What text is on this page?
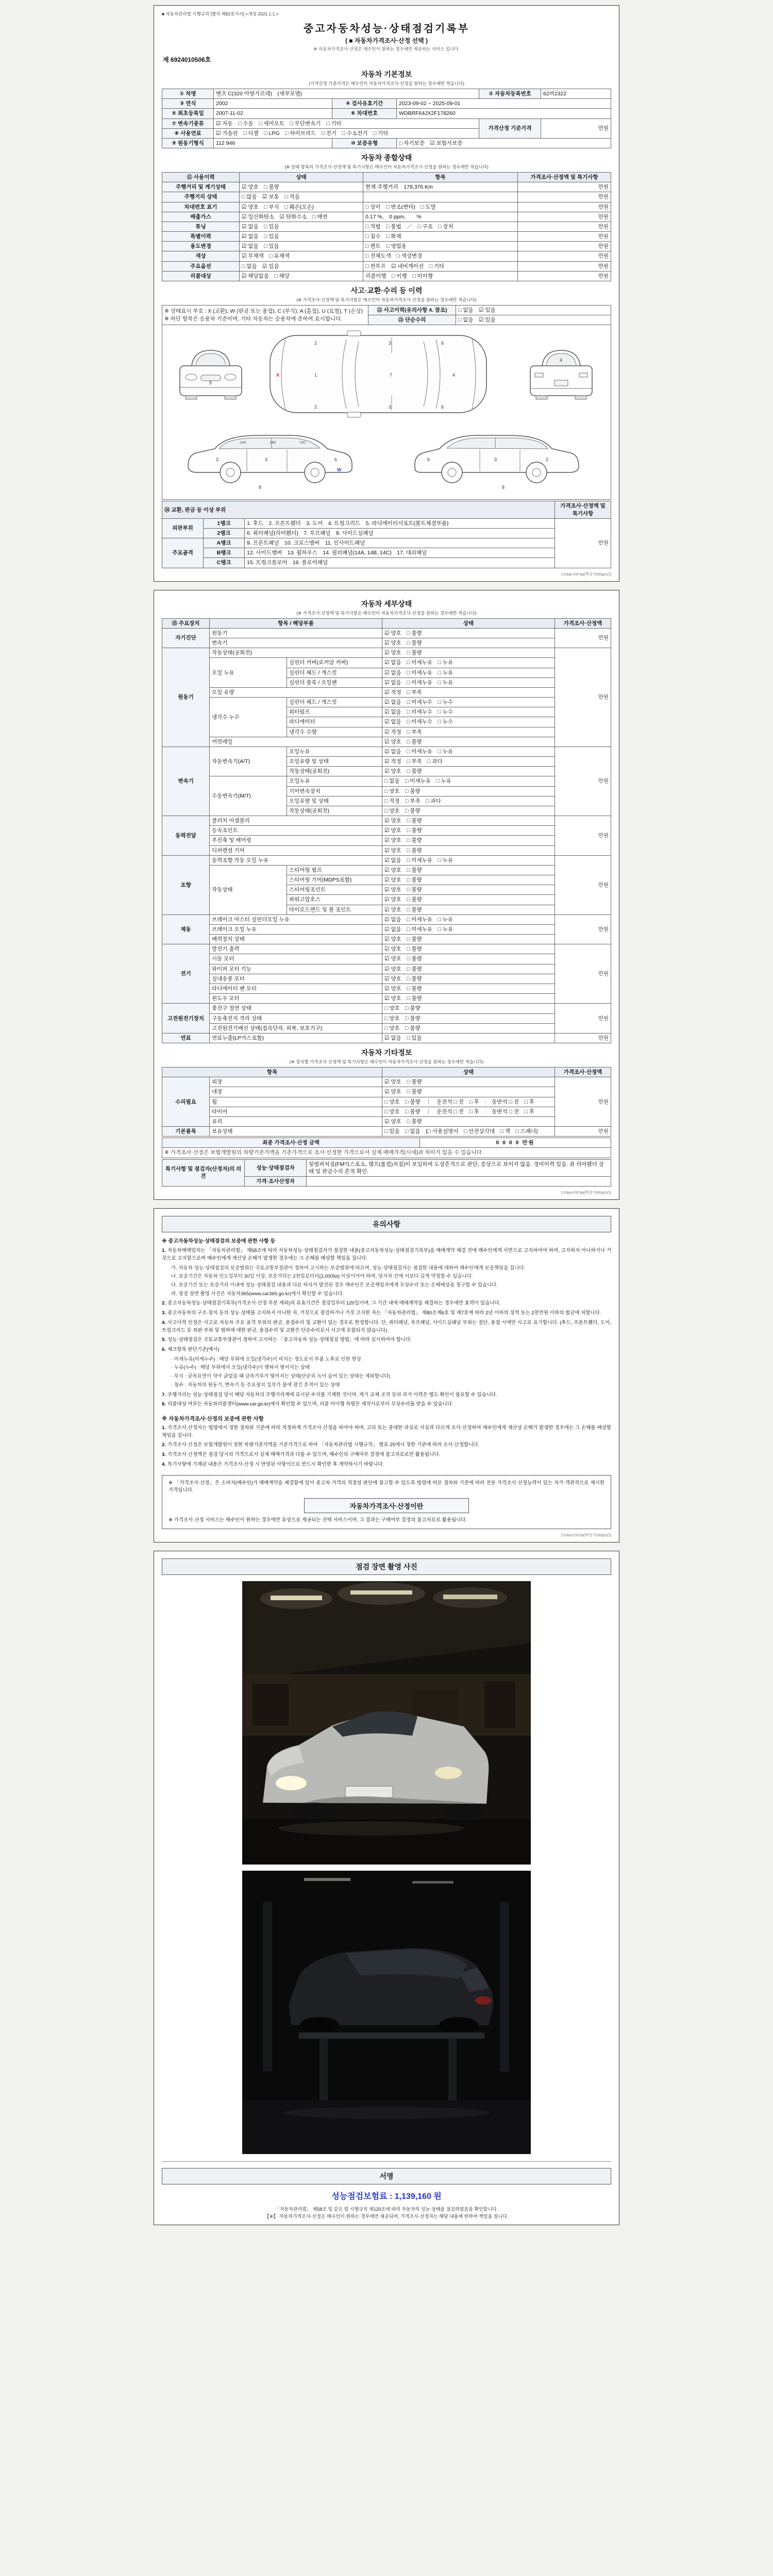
■ 자동차관리법 시행규칙 [별지 제82호서식] <개정 2021.1.1.>
중고자동차성능·상태점검기록부
( ■ 자동차가격조사·산정 선택 )
※ 자동차가격조사·산정은 매수인이 원하는 경우에만 제공하는 서비스 입니다.
제 6924010506호
자동차 기본정보
(가격산정 기준가격은 매수인이 자동차가격조사·산정을 원하는 경우에만 적습니다)
① 차명	벤츠 C(320 아방가르데)　(세부모델)			② 자동차등록번호	62머2322
③ 연식	2002	④ 검사유효기간	2023-09-02 ~ 2025-09-01		
⑤ 최초등록일	2007-11-02	⑥ 차대번호	WDBRF64JX2F178260		
⑦ 변속기종류	☑ 자동　□ 수동　□ 세미오토　□ 무단변속기　□ 기타			가격산정 기준가격	만원
⑧ 사용연료	☑ 가솔린　□ 디젤　□ LPG　□ 하이브리드　□ 전기　□ 수소전기　□ 기타				
⑨ 원동기형식	112 946	⑩ 보증유형	□ 자기보증　☑ 보험사보증		
자동차 종합상태
(※ 상태·항목의 가격조사·산정액 및 특기사항은 매수인이 자동차가격조사·산정을 원하는 경우에만 적습니다)
⑪ 사용이력	상태	항목	가격조사·산정액 및 특기사항
주행거리 및 계기상태	☑ 양호　□ 불량	현재 주행거리　178,376 Km	만원
주행거리 상태	□ 많음　☑ 보통　□ 적음		만원
차대번호 표기	☑ 양호　□ 부식　□ 훼손(오손)	□ 상이　□ 변조(변타)　□ 도말	만원
배출가스	☑ 일산화탄소　☑ 탄화수소　□ 매연	0.17 %,　0 ppm,　　%	만원
튜닝	☑ 없음　□ 있음	□ 적법　□ 불법　／　□ 구조　□ 장치	만원
특별이력	☑ 없음　□ 있음	□ 침수　□ 화재	만원
용도변경	☑ 없음　□ 있음	□ 렌트　□ 영업용	만원
색상	☑ 무채색　□ 유채색	□ 전체도색　□ 색상변경	만원
주요옵션	□ 없음　☑ 있음	□ 썬루프　☑ 네비게이션　□ 기타	만원
리콜대상	☑ 해당없음　□ 해당	리콜이행　□ 이행　□ 미이행	만원
사고·교환·수리 등 이력
(※ 가격조사·산정액 및 특기사항은 매수인이 자동차가격조사·산정을 원하는 경우에만 적습니다)
※ 상태표시 부호 : X (교환), W (판금 또는 용접), C (부식), A (흠집), U (요철), T (손상)
※ 하단 항목은 승용차 기준이며, 기타 자동차는 승용차에 준하여 표시합니다.	⑫ 사고이력(유의사항 4. 참조)	□ 없음　☑ 있음
	⑬ 단순수리	□ 없음　☑ 있음

5
1	7	4
2
2
3
3
6
6
X
4
2	3	6
14A	14B	14C
W
8
2
3
6
8
⑭ 교환, 판금 등 이상 부위			가격조사·산정액 및 특기사항
외판부위	1랭크	1. 후드　2. 프론트휀더　3. 도어　4. 트렁크리드　5. 라디에이터서포트(볼트체결부품)	만원
	2랭크	6. 쿼터패널(리어휀더)　7. 루프패널　8. 사이드실패널	
주요골격	A랭크	9. 프론트패널　10. 크로스멤버　11. 인사이드패널	
	B랭크	12. 사이드멤버　13. 휠하우스　14. 필러패널(14A, 14B, 14C)　17. 대쉬패널	
	C랭크	15. 트렁크플로어　16. 플로어패널	
210㎜×297㎜[백상지(80g/㎡)]
자동차 세부상태
(※ 가격조사·산정액 및 특기사항은 매수인이 자동차가격조사·산정을 원하는 경우에만 적습니다)
⑮ 주요장치	항목 / 해당부품		상태	가격조사·산정액
자기진단	원동기		☑ 양호　□ 불량	만원
	변속기		☑ 양호　□ 불량	
원동기	작동상태(공회전)		☑ 양호　□ 불량	만원
	오일 누유	실린더 커버(로커암 커버)	☑ 없음　□ 미세누유　□ 누유	
		실린더 헤드 / 개스킷	☑ 없음　□ 미세누유　□ 누유	
		실린더 블록 / 오일팬	☑ 없음　□ 미세누유　□ 누유	
	오일 유량		☑ 적정　□ 부족	
	냉각수 누수	실린더 헤드 / 개스킷	☑ 없음　□ 미세누수　□ 누수	
		워터펌프	☑ 없음　□ 미세누수　□ 누수	
		라디에이터	☑ 없음　□ 미세누수　□ 누수	
		냉각수 수량	☑ 적정　□ 부족	
	커먼레일		☑ 양호　□ 불량	
변속기	자동변속기(A/T)	오일누유	☑ 없음　□ 미세누유　□ 누유	만원
		오일유량 및 상태	☑ 적정　□ 부족　□ 과다	
		작동상태(공회전)	☑ 양호　□ 불량	
	수동변속기(M/T)	오일누유	□ 없음　□ 미세누유　□ 누유	
		기어변속장치	□ 양호　□ 불량	
		오일유량 및 상태	□ 적정　□ 부족　□ 과다	
		작동상태(공회전)	□ 양호　□ 불량	
동력전달	클러치 어셈블리		☑ 양호　□ 불량	만원
	등속조인트		☑ 양호　□ 불량	
	추진축 및 베어링		☑ 양호　□ 불량	
	디퍼렌셜 기어		☑ 양호　□ 불량	
조향	동력조향 작동 오일 누유		☑ 없음　□ 미세누유　□ 누유	만원
	작동상태	스티어링 펌프	☑ 양호　□ 불량	
		스티어링 기어(MDPS포함)	☑ 양호　□ 불량	
		스티어링조인트	☑ 양호　□ 불량	
		파워고압호스	☑ 양호　□ 불량	
		타이로드엔드 및 볼 조인트	☑ 양호　□ 불량	
제동	브레이크 마스터 실린더오일 누유		☑ 없음　□ 미세누유　□ 누유	만원
	브레이크 오일 누유		☑ 없음　□ 미세누유　□ 누유	
	배력장치 상태		☑ 양호　□ 불량	
전기	발전기 출력		☑ 양호　□ 불량	만원
	시동 모터		☑ 양호　□ 불량	
	와이퍼 모터 기능		☑ 양호　□ 불량	
	실내송풍 모터		☑ 양호　□ 불량	
	라디에이터 팬 모터		☑ 양호　□ 불량	
	윈도우 모터		☑ 양호　□ 불량	
고전원전기장치	충전구 절연 상태		□ 양호　□ 불량	만원
	구동축전지 격리 상태		□ 양호　□ 불량	
	고전원전기배선 상태(접속단자, 피복, 보호기구)		□ 양호　□ 불량	
연료	연료누출(LP가스포함)		☑ 없음　□ 있음	만원
자동차 기타정보
(※ 장치별 가격조사·산정액 및 특기사항은 매수인이 자동차가격조사·산정을 원하는 경우에만 적습니다)
항목		상태	가격조사·산정액
수리필요	외장	☑ 양호　□ 불량	만원
	내장	☑ 양호　□ 불량	
	휠	□ 양호　□ 불량　｜　운전석 □ 전　□ 후　·　동반석 □ 전　□ 후	
	타이어	□ 양호　□ 불량　｜　운전석 □ 전　□ 후　·　동반석 □ 전　□ 후	
	유리	☑ 양호　□ 불량	
기본품목	보유상태	□ 있음　□ 없음　(□ 사용설명서　□ 안전삼각대　□ 잭　□ 스패너)	만원
최종 가격조사·산정 금액	0 0 0 0 만원
※ 가격조사·산정은 보험개발원의 차량기준가액을 기준가격으로 조사·산정한 가격으로서 실제 매매가격(시세)과 차이가 있을 수 있습니다.
특기사항 및 점검자(산정자)의 의견	성능·상태점검자	뒷범퍼처짐(FM익스포소, 램프(롤컴)처짐)이 보임하여 도장흔적으로 판단, 증상으로 보이지 않음. 정비이력 있음. 좌 리어휀더 상태 및 판금수리 흔적 확인.
	가격·조사산정자	
210㎜×297㎜[백상지(80g/㎡)]
유의사항
※ 중고자동차성능·상태점검의 보증에 관한 사항 등
1. 자동차매매업자는 「자동차관리법」 제58조에 따라 자동차성능·상태점검자가 점검한 내용(중고자동차성능·상태점검기록부)을 매매계약 체결 전에 매수인에게 서면으로 고지하여야 하며, 고지하지 아니하거나 거짓으로 고지함으로써 매수인에게 재산상 손해가 발생한 경우에는 그 손해를 배상할 책임을 집니다.
가. 자동차 성능·상태점검의 보증범위는 국토교통부장관이 정하여 고시하는 보증범위에 따르며, 성능·상태점검자는 점검한 내용에 대하여 매수인에게 보증책임을 집니다.
나. 보증기간은 자동차 인도일부터 30일 이상, 보증거리는 2천킬로미터(2,000㎞) 이상이어야 하며, 당사자 간에 이보다 길게 약정할 수 있습니다.
다. 보증기간 또는 보증거리 이내에 성능·상태점검 내용과 다른 하자가 발견된 경우 매수인은 보증책임자에게 무상수리 또는 손해배상을 청구할 수 있습니다.
라. 점검 장면 촬영 사진은 자동차365(www.car365.go.kr)에서 확인할 수 있습니다.
2. 중고자동차성능·상태점검기록부(가격조사·산정 부분 제외)의 유효기간은 점검일부터 120일이며, 그 기간 내에 매매계약을 체결하는 경우에만 효력이 있습니다.
3. 중고자동차의 구조·장치 등의 성능·상태를 고지하지 아니한 자, 거짓으로 점검하거나 거짓 고지한 자는 「자동차관리법」 제80조제6호 및 제7호에 따라 2년 이하의 징역 또는 2천만원 이하의 벌금에 처합니다.
4. 사고이력 인정은 사고로 자동차 주요 골격 부위의 판금, 용접수리 및 교환이 있는 경우로 한정합니다. 단, 쿼터패널, 루프패널, 사이드실패널 부위는 절단, 용접 시에만 사고로 표기합니다. (후드, 프론트휀더, 도어, 트렁크리드 등 외판 부위 및 범퍼에 대한 판금, 용접수리 및 교환은 단순수리로서 사고에 포함되지 않습니다)
5. 성능·상태점검은 국토교통부장관이 정하여 고시하는 「중고자동차 성능·상태점검 방법」에 따라 실시하여야 합니다.
6. 체크항목 판단기준(예시)
· 미세누유(미세누수) : 해당 부위에 오일(냉각수)이 비치는 정도로서 부품 노후로 인한 현상
· 누유(누수) : 해당 부위에서 오일(냉각수)이 맺혀서 떨어지는 상태
· 부식 : 금속표면이 삭아 긁었을 때 금속가루가 떨어지는 상태(단순히 녹이 슬어 있는 상태는 제외합니다)
· 침수 : 자동차의 원동기, 변속기 등 주요장치 일부가 물에 잠긴 흔적이 있는 상태
7. 주행거리는 성능·상태점검 당시 해당 자동차의 주행거리계에 표시된 수치를 기재한 것이며, 계기 교체·조작 등의 과거 이력은 별도 확인이 필요할 수 있습니다.
8. 리콜대상 여부는 자동차리콜센터(www.car.go.kr)에서 확인할 수 있으며, 리콜 미이행 차량은 제작사로부터 무상수리를 받을 수 있습니다.
※ 자동차가격조사·산정의 보증에 관한 사항
1. 가격조사·산정자는 법령에서 정한 절차와 기준에 따라 적정하게 가격조사·산정을 하여야 하며, 고의 또는 중대한 과실로 사실과 다르게 조사·산정하여 매수인에게 재산상 손해가 발생한 경우에는 그 손해를 배상할 책임을 집니다.
2. 가격조사·산정은 보험개발원이 정한 차량기준가액을 기준가격으로 하여 「자동차관리법 시행규칙」 별표 25에서 정한 기준에 따라 조사·산정합니다.
3. 가격조사·산정액은 점검 당시의 가격으로서 실제 매매가격과 다를 수 있으며, 매수인의 구매여부 결정에 참고자료로만 활용됩니다.
4. 특기사항에 기재된 내용은 가격조사·산정 시 반영된 사항이므로 반드시 확인한 후 계약하시기 바랍니다.
※ 「가격조사·산정」은 소비자(매수인)가 매매계약을 체결함에 있어 중고차 가격의 적절성 판단에 참고할 수 있도록 법령에 따른 절차와 기준에 따라 전문 가격조사·산정능력이 있는 자가 객관적으로 제시한 가격입니다.
자동차가격조사·산정이란
※ 가격조사·산정 서비스는 매수인이 원하는 경우에만 유상으로 제공되는 선택 서비스이며, 그 결과는 구매여부 결정의 참고자료로 활용됩니다.
210㎜×297㎜[백상지(80g/㎡)]
점검 장면 촬영 사진
서명
성능점검보험료 : 1,139,160 원
「자동차관리법」 제58조 및 같은 법 시행규칙 제120조에 따라 자동차의 성능·상태를 점검하였음을 확인합니다.
【※】 자동차가격조사·산정은 매수인이 원하는 경우에만 제공되며, 가격조사·산정자는 해당 내용에 한하여 책임을 집니다.
